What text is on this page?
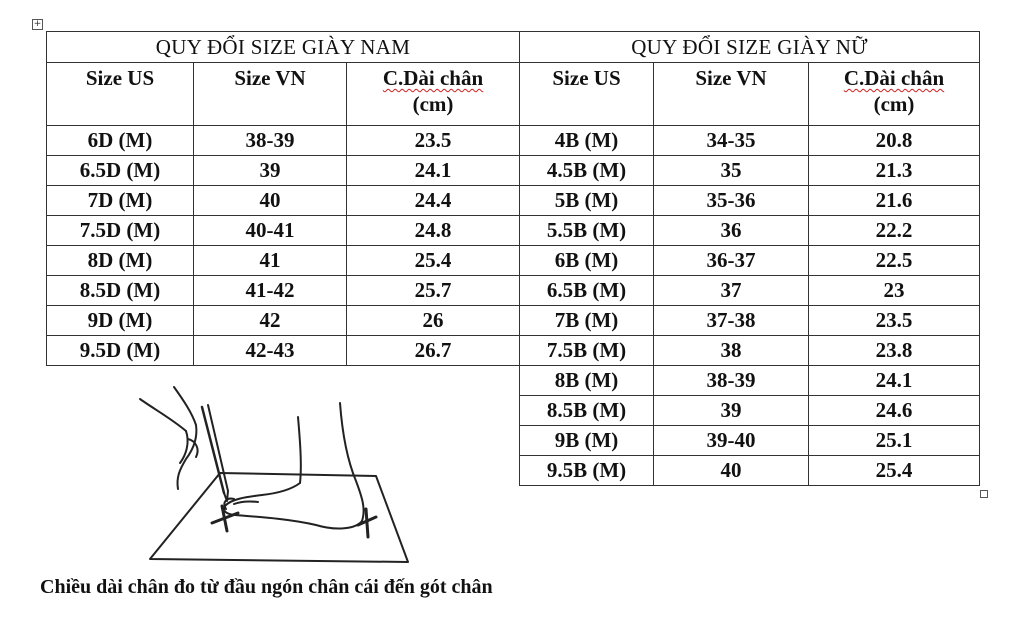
+
QUY ĐỔI SIZE GIÀY NAM		
Size US	Size VN	C.Dài chân
(cm)
6D (M)	38-39	23.5
6.5D (M)	39	24.1
7D (M)	40	24.4
7.5D (M)	40-41	24.8
8D (M)	41	25.4
8.5D (M)	41-42	25.7
9D (M)	42	26
9.5D (M)	42-43	26.7
QUY ĐỔI SIZE GIÀY NỮ		
Size US	Size VN	C.Dài chân
(cm)
4B (M)	34-35	20.8
4.5B (M)	35	21.3
5B (M)	35-36	21.6
5.5B (M)	36	22.2
6B (M)	36-37	22.5
6.5B (M)	37	23
7B (M)	37-38	23.5
7.5B (M)	38	23.8
8B (M)	38-39	24.1
8.5B (M)	39	24.6
9B (M)	39-40	25.1
9.5B (M)	40	25.4
Chiều dài chân đo từ đầu ngón chân cái đến gót chân
